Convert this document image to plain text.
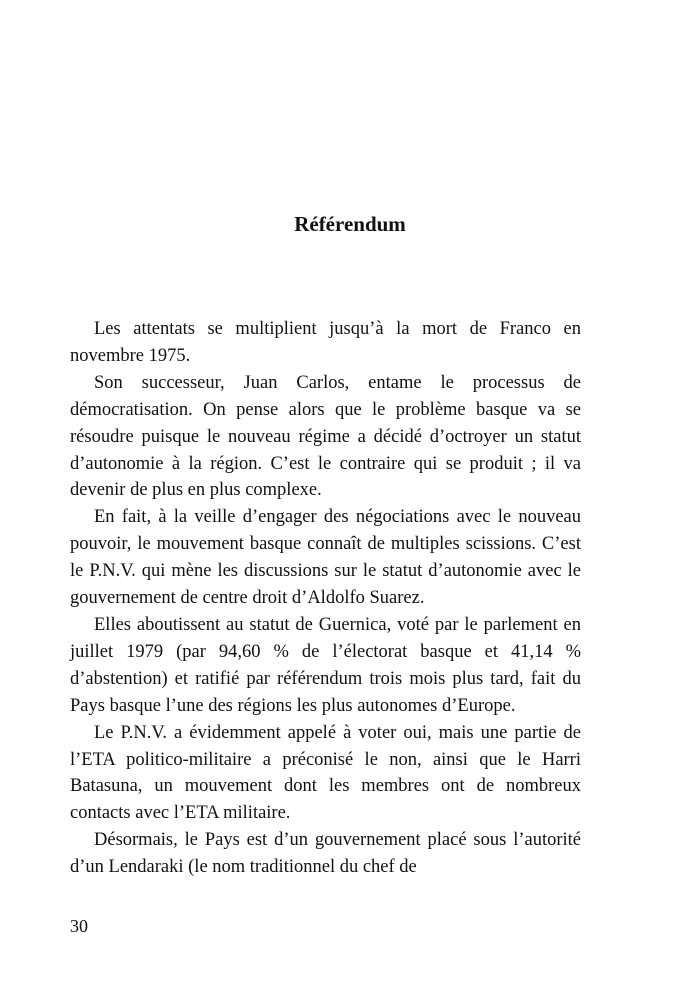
Référendum

Les attentats se multiplient jusqu’à la mort de Franco en novembre 1975.

Son successeur, Juan Carlos, entame le processus de démocratisation. On pense alors que le problème basque va se résoudre puisque le nouveau régime a décidé d’octroyer un statut d’autonomie à la région. C’est le contraire qui se produit ; il va devenir de plus en plus complexe.

En fait, à la veille d’engager des négociations avec le nouveau pouvoir, le mouvement basque connaît de multiples scissions. C’est le P.N.V. qui mène les discussions sur le statut d’autonomie avec le gouvernement de centre droit d’Aldolfo Suarez.

Elles aboutissent au statut de Guernica, voté par le parlement en juillet 1979 (par 94,60 % de l’électorat basque et 41,14 % d’abstention) et ratifié par référendum trois mois plus tard, fait du Pays basque l’une des régions les plus autonomes d’Europe.

Le P.N.V. a évidemment appelé à voter oui, mais une partie de l’ETA politico-militaire a préconisé le non, ainsi que le Harri Batasuna, un mouvement dont les membres ont de nombreux contacts avec l’ETA militaire.

Désormais, le Pays est d’un gouvernement placé sous l’autorité d’un Lendaraki (le nom traditionnel du chef de

30
